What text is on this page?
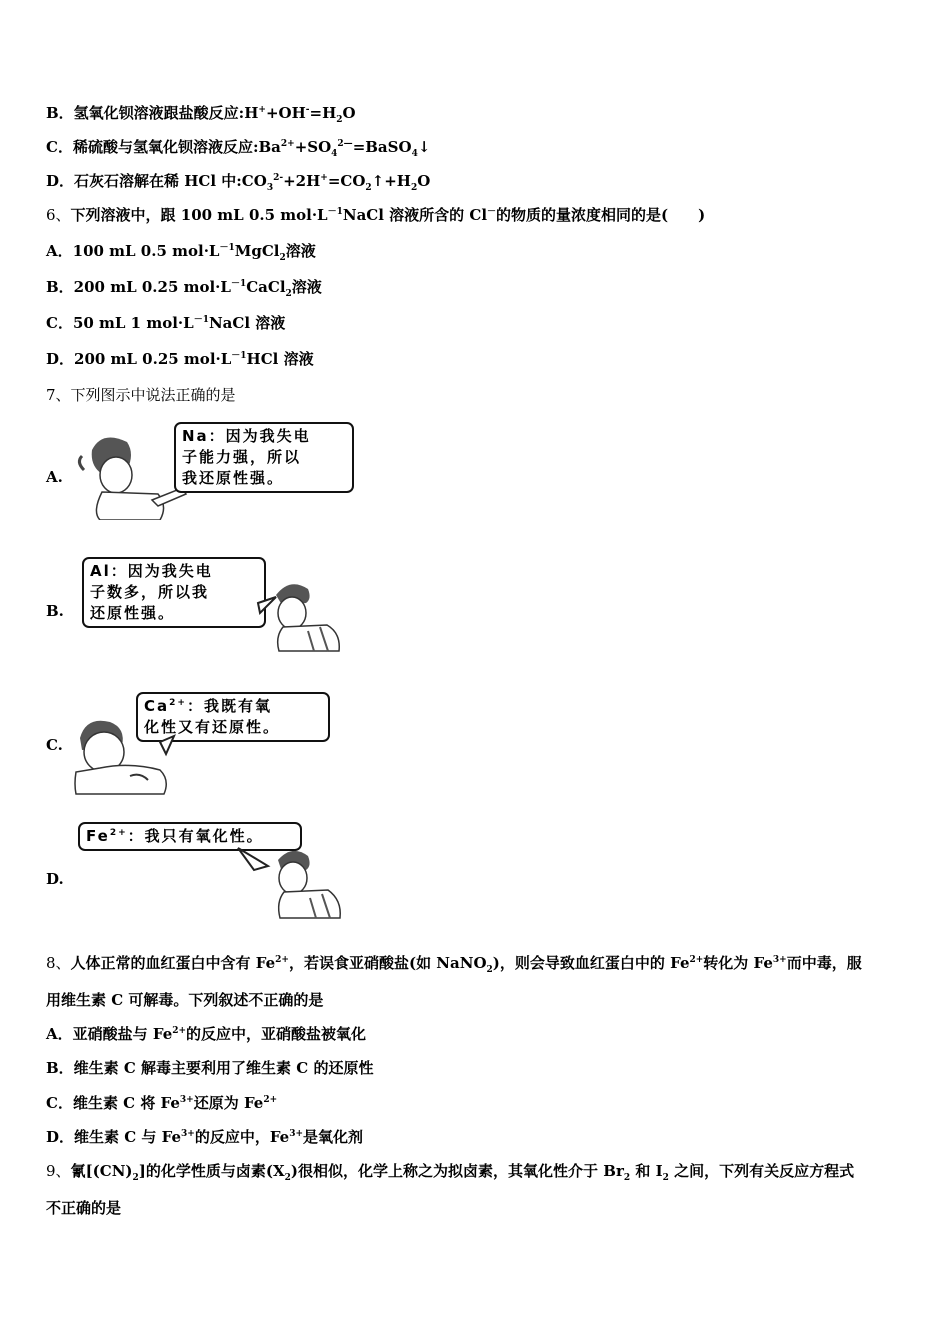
B．氢氧化钡溶液跟盐酸反应$:H^++OH^-=H_2O$
C．稀硫酸与氢氧化钡溶液反应$:Ba^{2+}+SO_4^{2—}=BaSO_4↓$
D．石灰石溶解在稀 HCl 中$:CO_3^{2-}+2H^+=CO_2↑+H_2O$
6、下列溶液中，跟 100 mL 0.5 $mol\cdot L^{-1}NaCl$ 溶液所含的 Cl－的物质的量浓度相同的是(　　)
A．100 mL 0.5 $mol\cdot L^{-1}MgCl_2$溶液
B．200 mL 0.25 $mol\cdot L^{-1}CaCl_2$溶液
C．50 mL 1 $mol\cdot L^{-1}NaCl$ 溶液
D．200 mL 0.25 $mol\cdot L^{-1}HCl$ 溶液
7、下列图示中说法正确的是
A.
Na：因为我失电
子能力强，所以
我还原性强。
B.
Al：因为我失电
子数多，所以我
还原性强。
C.
$Ca^{2+}$：我既有氧
化性又有还原性。
D.
$Fe^{2+}$：我只有氧化性。
8、人体正常的血红蛋白中含有 $Fe^{2+}$，若误食亚硝酸盐(如 NaNO$_2$)，则会导致血红蛋白中的 $Fe^{2+}$转化为 $Fe^{3+}$而中毒，服
用维生素 C 可解毒。下列叙述不正确的是
A．亚硝酸盐与 $Fe^{2+}$的反应中，亚硝酸盐被氧化
B．维生素 C 解毒主要利用了维生素 C 的还原性
C．维生素 C 将 $Fe^{3+}$还原为 $Fe^{2+}$
D．维生素 C 与 $Fe^{3+}$的反应中，$Fe^{3+}$是氧化剂
9、氰$[(CN)_2]$的化学性质与卤素$(X_2)$很相似，化学上称之为拟卤素，其氧化性介于 $Br_2$ 和 $I_2$ 之间，下列有关反应方程式
不正确的是
